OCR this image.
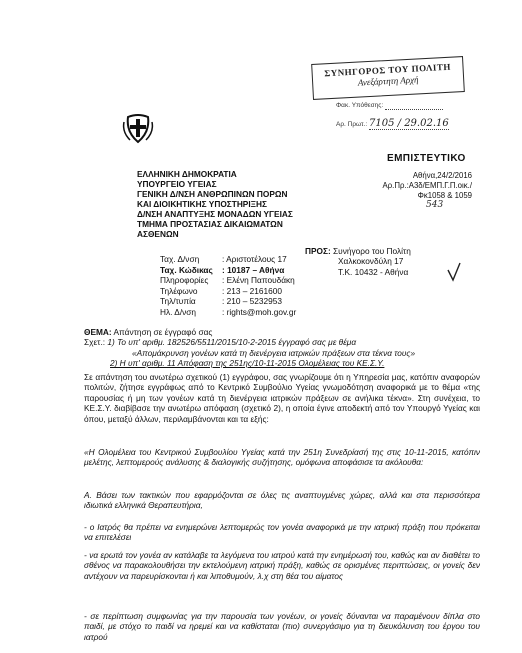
ΣΥΝΗΓΟΡΟΣ ΤΟΥ ΠΟΛΙΤΗ
Ανεξάρτητη Αρχή
Φακ. Υπόθεσης:
Αρ. Πρωτ.: 7105 / 29.02.16
ΕΜΠΙΣΤΕΥΤΙΚΟ
ΕΛΛΗΝΙΚΗ ΔΗΜΟΚΡΑΤΙΑ
ΥΠΟΥΡΓΕΙΟ ΥΓΕΙΑΣ
ΓΕΝΙΚΗ Δ/ΝΣΗ ΑΝΘΡΩΠΙΝΩΝ ΠΟΡΩΝ
ΚΑΙ ΔΙΟΙΚΗΤΙΚΗΣ ΥΠΟΣΤΗΡΙΞΗΣ
Δ/ΝΣΗ ΑΝΑΠΤΥΞΗΣ ΜΟΝΑΔΩΝ ΥΓΕΙΑΣ
ΤΜΗΜΑ ΠΡΟΣΤΑΣΙΑΣ ΔΙΚΑΙΩΜΑΤΩΝ
ΑΣΘΕΝΩΝ
Αθήνα,24/2/2016
Αρ.Πρ.:Α3δ/ΕΜΠ.Γ.Π.οικ./Φκ1058 & 1059
543
Ταχ. Δ/νση	: Αριστοτέλους 17
Ταχ. Κώδικας : 10187 – Αθήνα
Πληροφορίες : Ελένη Παπουδάκη
Τηλέφωνο	: 213 – 2161600
Τηλ/τυπία	: 210 – 5232953
Ηλ. Δ/νση	: rights@moh.gov.gr
ΠΡΟΣ: Συνήγορο του Πολίτη
Χαλκοκονδύλη 17
Τ.Κ. 10432 - Αθήνα
ΘΕΜΑ: Απάντηση σε έγγραφό σας
Σχετ.: 1) Το υπ' αριθμ. 182526/5511/2015/10-2-2015 έγγραφό σας με θέμα
«Απομάκρυνση γονέων κατά τη διενέργεια ιατρικών πράξεων στα τέκνα τους»
2) Η υπ' αριθμ. 11 Απόφαση της 251ης/10-11-2015 Ολομέλειας του ΚΕ.Σ.Υ.
Σε απάντηση του ανωτέρω σχετικού (1) εγγράφου, σας γνωρίζουμε ότι η Υπηρεσία μας, κατόπιν αναφορών πολιτών, ζήτησε εγγράφως από το Κεντρικό Συμβούλιο Υγείας γνωμοδότηση αναφορικά με το θέμα «της παρουσίας ή μη των γονέων κατά τη διενέργεια ιατρικών πράξεων σε ανήλικα τέκνα». Στη συνέχεια, το ΚΕ.Σ.Υ. διαβίβασε την ανωτέρω απόφαση (σχετικό 2), η οποία έγινε αποδεκτή από τον Υπουργό Υγείας και όπου, μεταξύ άλλων, περιλαμβάνονται και τα εξής:
«Η Ολομέλεια του Κεντρικού Συμβουλίου Υγείας κατά την 251η Συνεδρίασή της στις 10-11-2015, κατόπιν μελέτης, λεπτομερούς ανάλυσης & διαλογικής συζήτησης, ομόφωνα αποφάσισε τα ακόλουθα:
Α. Βάσει των τακτικών που εφαρμόζονται σε όλες τις αναπτυγμένες χώρες, αλλά και στα περισσότερα ιδιωτικά ελληνικά Θεραπευτήρια,
- ο Ιατρός θα πρέπει να ενημερώνει λεπτομερώς τον γονέα αναφορικά με την ιατρική πράξη που πρόκειται να επιτελέσει
- να ερωτά τον γονέα αν κατάλαβε τα λεγόμενα του ιατρού κατά την ενημέρωσή του, καθώς και αν διαθέτει το σθένος να παρακολουθήσει την εκτελούμενη ιατρική πράξη, καθώς σε ορισμένες περιπτώσεις, οι γονείς δεν αντέχουν να παρευρίσκονται ή και λιποθυμούν, λ.χ στη θέα του αίματος
- σε περίπτωση συμφωνίας για την παρουσία των γονέων, οι γονείς δύνανται να παραμένουν δίπλα στο παιδί, με στόχο το παιδί να ηρεμεί και να καθίσταται (πιο) συνεργάσιμο για τη διευκόλυνση του έργου του ιατρού
